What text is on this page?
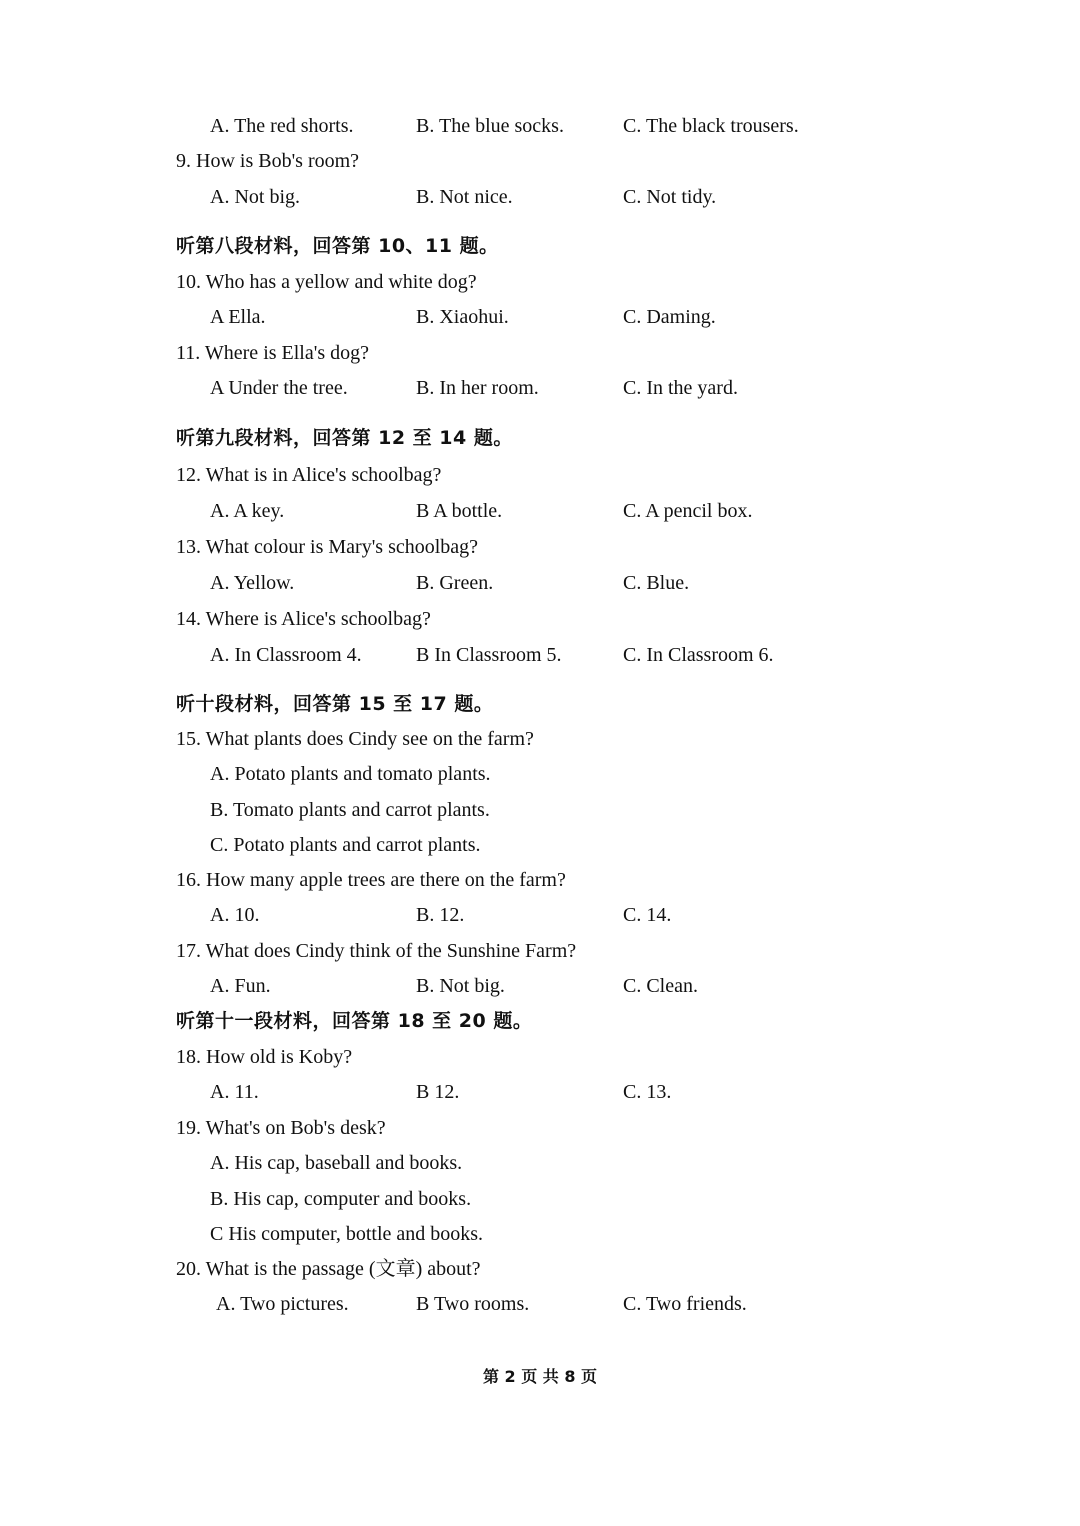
A. The red shorts.	B. The blue socks.	C. The black trousers.
9. How is Bob's room?
A. Not big.	B. Not nice.	C. Not tidy.
听第八段材料，回答第 10、11 题。
10. Who has a yellow and white dog?
A Ella.	B. Xiaohui.	C. Daming.
11. Where is Ella's dog?
A Under the tree.	B. In her room.	C. In the yard.
听第九段材料，回答第 12 至 14 题。
12. What is in Alice's schoolbag?
A. A key.	B A bottle.	C. A pencil box.
13. What colour is Mary's schoolbag?
A. Yellow.	B. Green.	C. Blue.
14. Where is Alice's schoolbag?
A. In Classroom 4.	B In Classroom 5.	C. In Classroom 6.
听十段材料，回答第 15 至 17 题。
15. What plants does Cindy see on the farm?
A. Potato plants and tomato plants.
B. Tomato plants and carrot plants.
C. Potato plants and carrot plants.
16. How many apple trees are there on the farm?
A. 10.	B. 12.	C. 14.
17. What does Cindy think of the Sunshine Farm?
A. Fun.	B. Not big.	C. Clean.
听第十一段材料，回答第 18 至 20 题。
18. How old is Koby?
A. 11.	B 12.	C. 13.
19. What's on Bob's desk?
A. His cap, baseball and books.
B. His cap, computer and books.
C His computer, bottle and books.
20. What is the passage (文章) about?
A. Two pictures.	B Two rooms.	C. Two friends.
第 2 页 共 8 页
